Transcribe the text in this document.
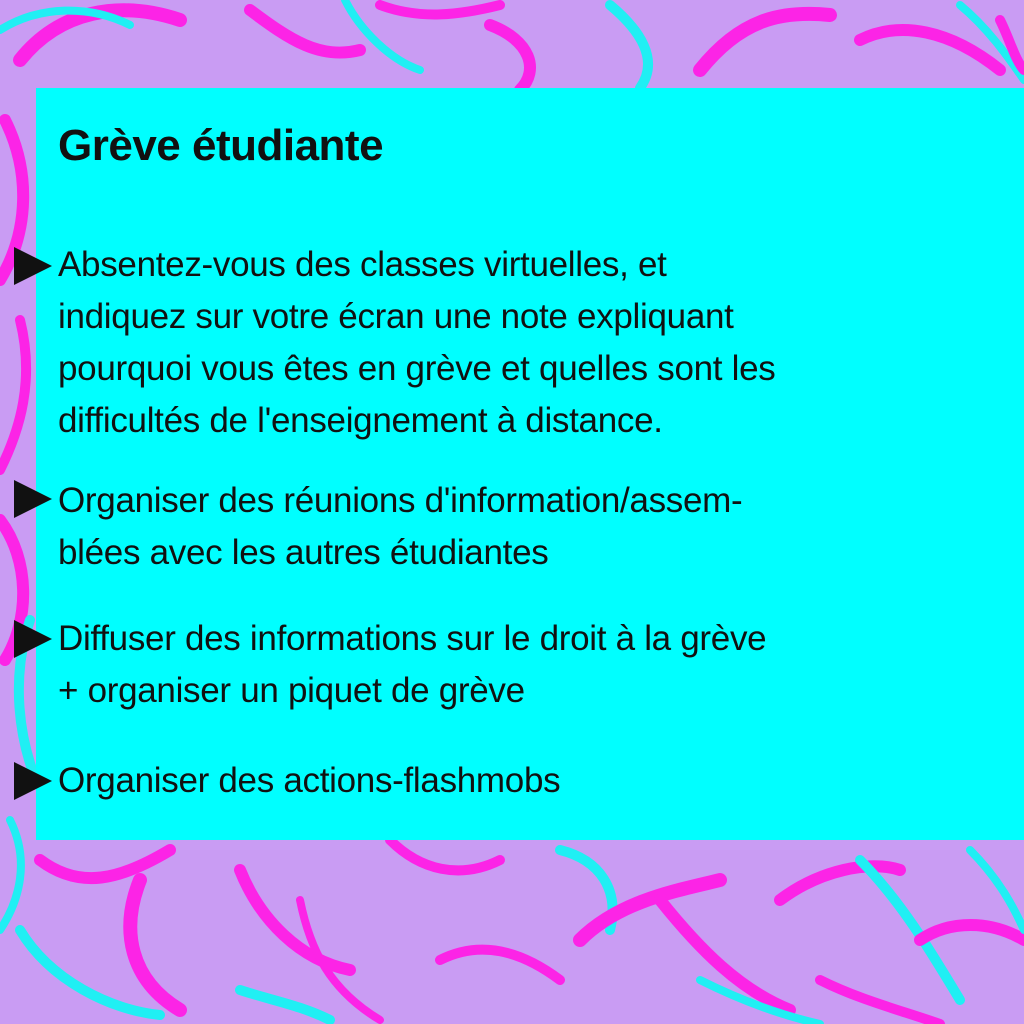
Grève étudiante
Absentez-vous des classes virtuelles, et
indiquez sur votre écran une note expliquant
pourquoi vous êtes en grève et quelles sont les
difficultés de l'enseignement à distance.
Organiser des réunions d'information/assem-
blées avec les autres étudiantes
Diffuser des informations sur le droit à la grève
+ organiser un piquet de grève
Organiser des actions-flashmobs
